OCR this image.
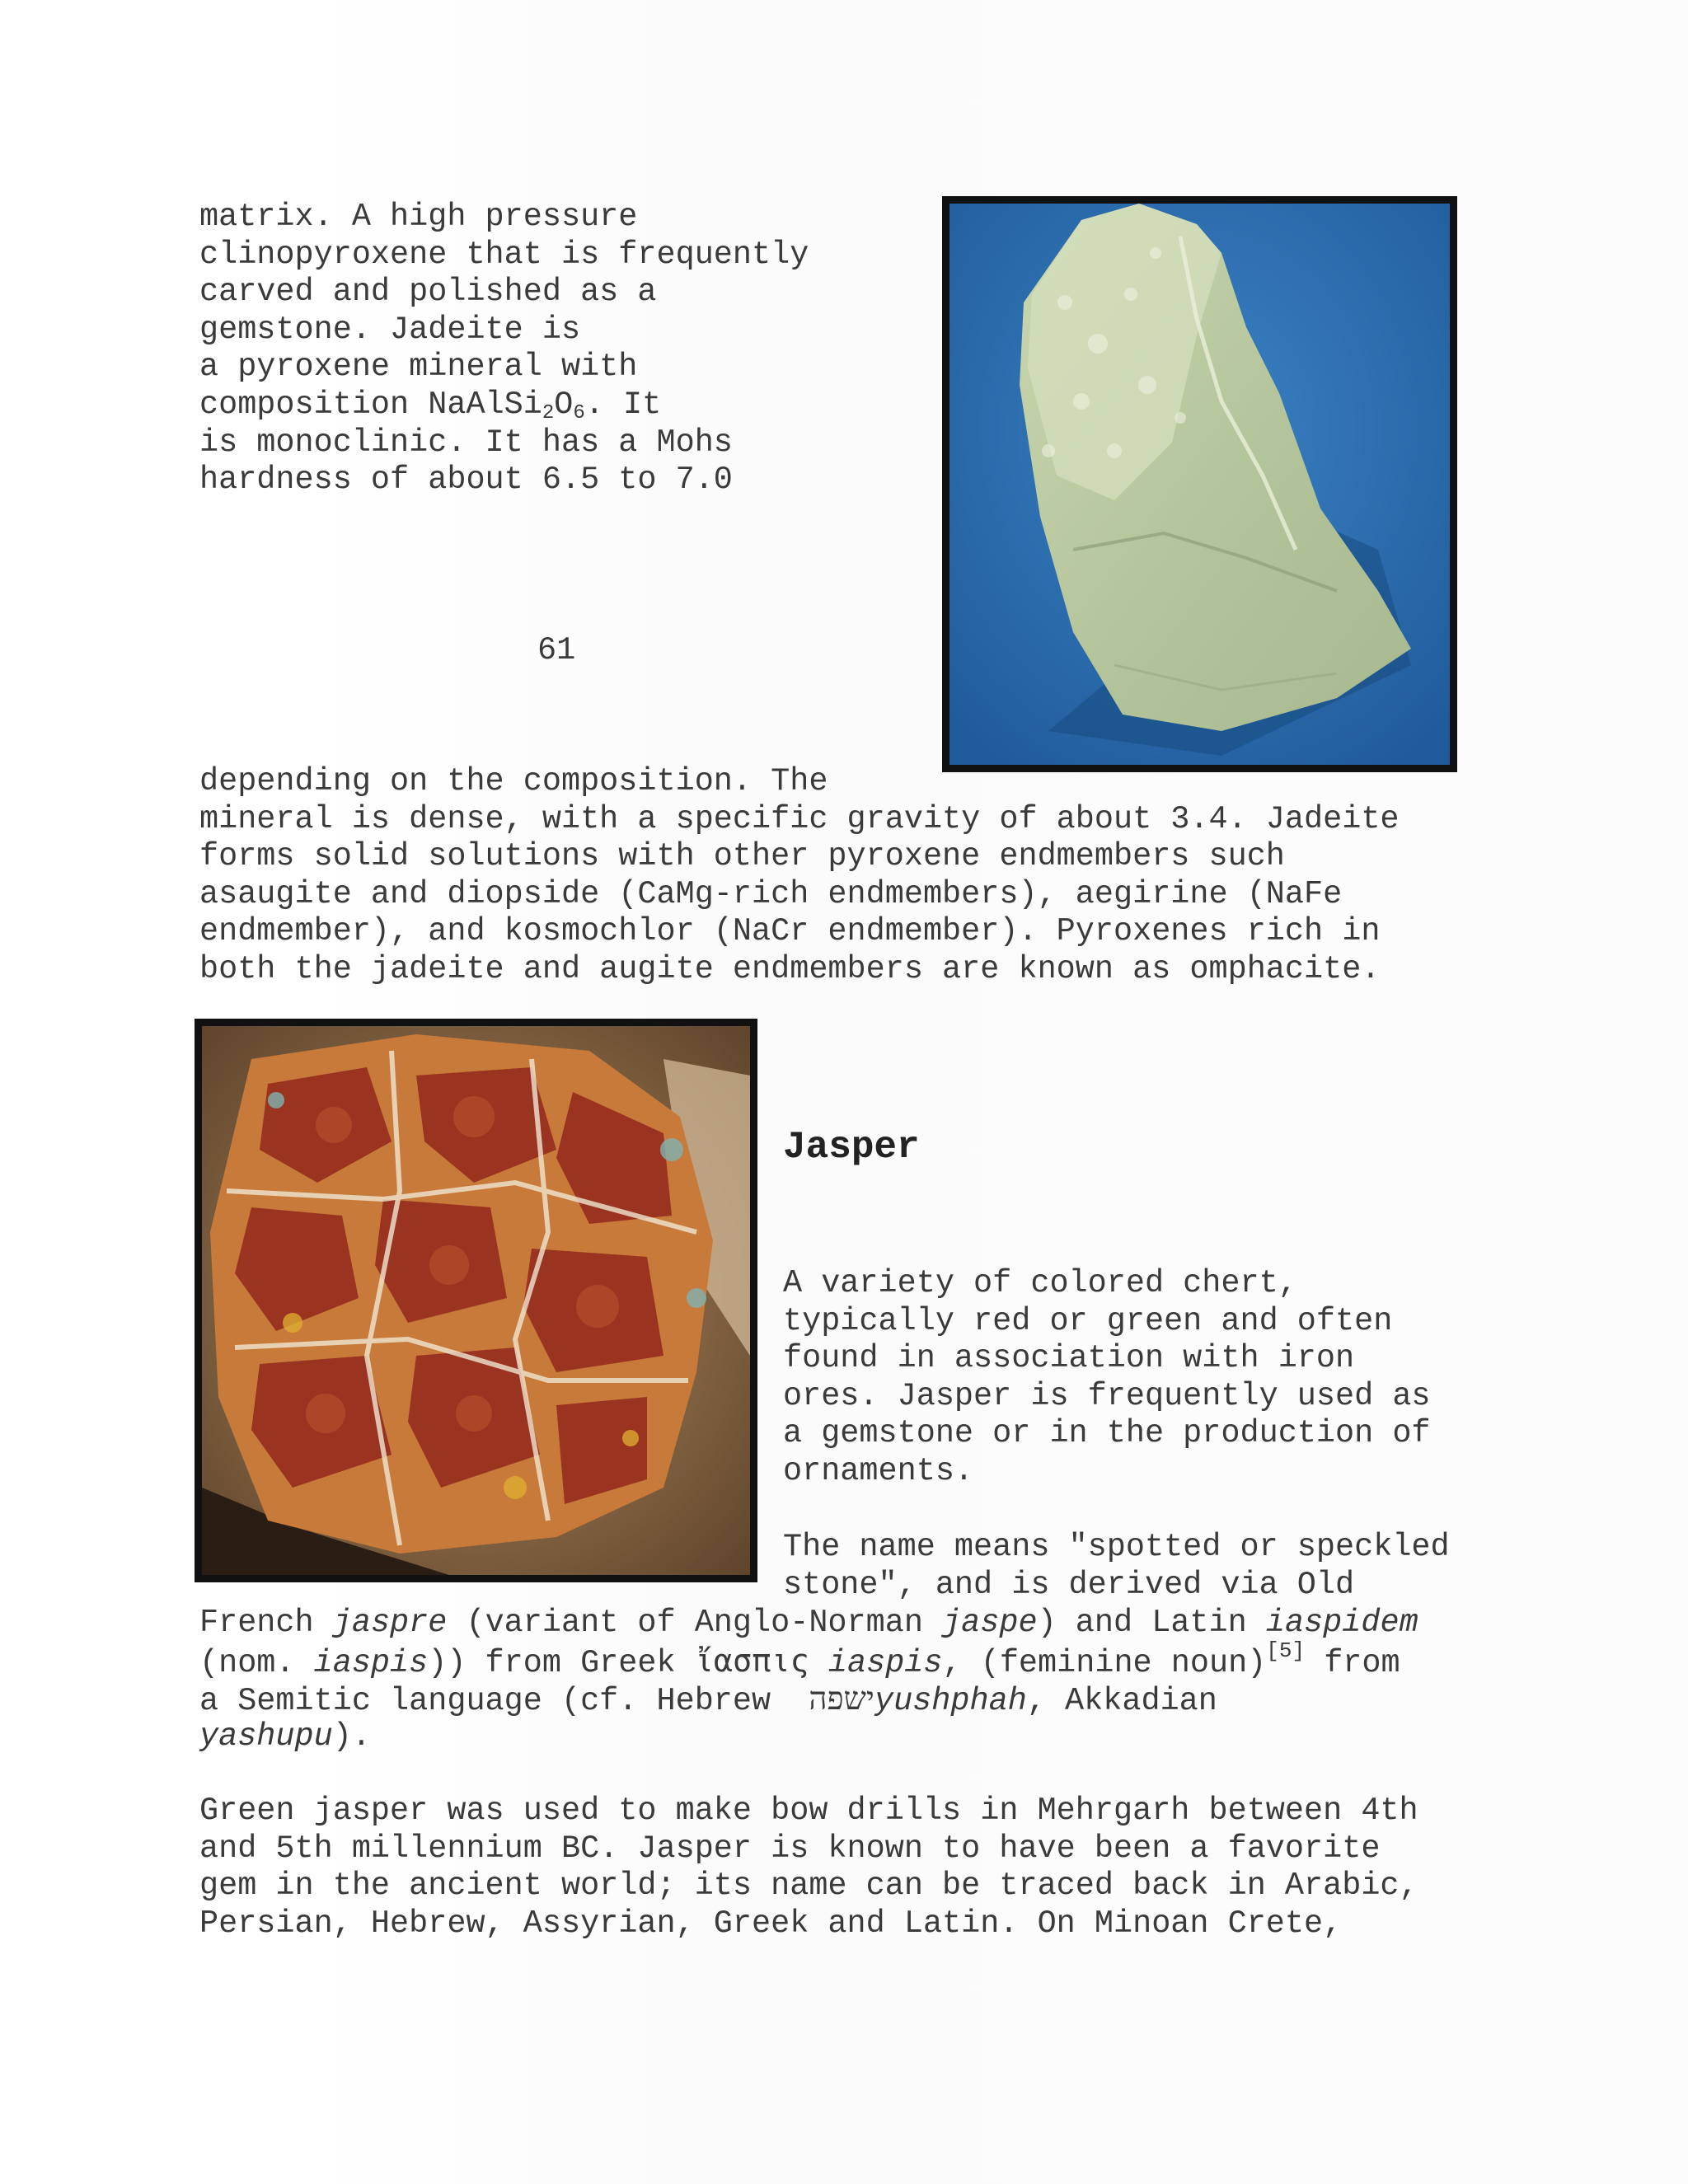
matrix. A high pressure
clinopyroxene that is frequently
carved and polished as a
gemstone. Jadeite is
a pyroxene mineral with
composition $NaAlSi_2O_6$. It
is monoclinic. It has a Mohs
hardness of about 6.5 to 7.0
61
depending on the composition. The
mineral is dense, with a specific gravity of about 3.4. Jadeite
forms solid solutions with other pyroxene endmembers such
asaugite and diopside (CaMg-rich endmembers), aegirine (NaFe
endmember), and kosmochlor (NaCr endmember). Pyroxenes rich in
both the jadeite and augite endmembers are known as omphacite.
Jasper
A variety of colored chert,
typically red or green and often
found in association with iron
ores. Jasper is frequently used as
a gemstone or in the production of
ornaments.
The name means "spotted or speckled
stone", and is derived via Old
French jaspre (variant of Anglo-Norman jaspe) and Latin iaspidem
(nom. iaspis)) from Greek ἴασπις iaspis, (feminine noun)[5] from
a Semitic language (cf. Hebrew  ישפהyushphah, Akkadian
yashupu).
Green jasper was used to make bow drills in Mehrgarh between 4th
and 5th millennium BC. Jasper is known to have been a favorite
gem in the ancient world; its name can be traced back in Arabic,
Persian, Hebrew, Assyrian, Greek and Latin. On Minoan Crete,
